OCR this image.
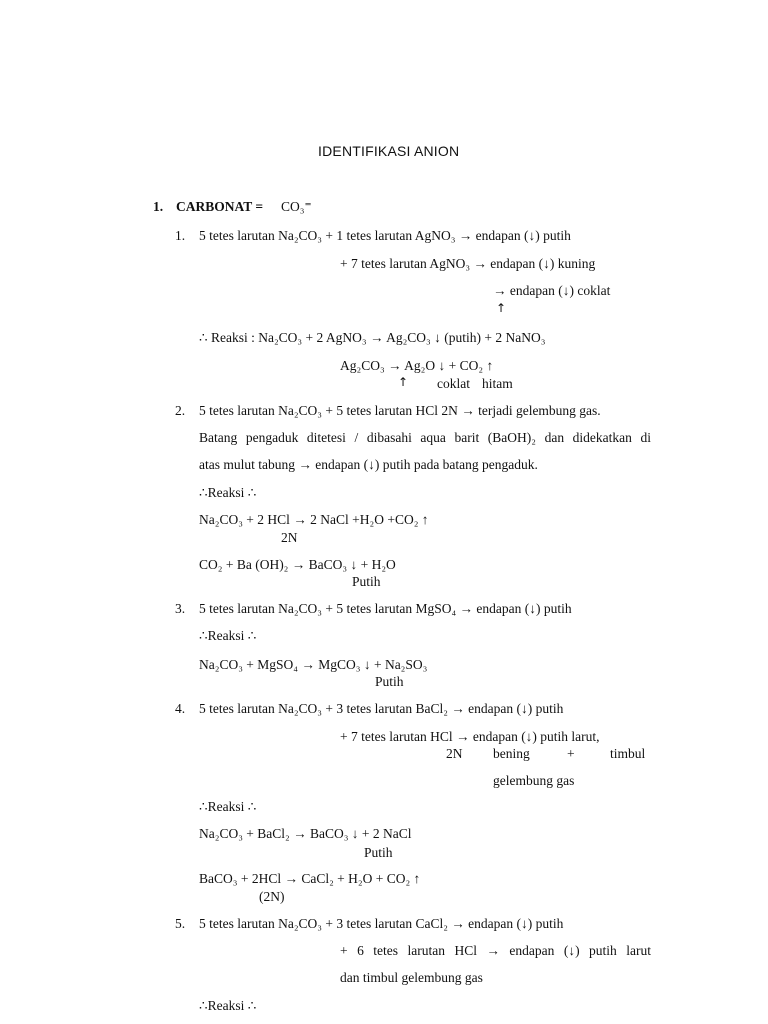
IDENTIFIKASI ANION
1. CARBONAT = CO₃⁼
1. 5 tetes larutan Na₂CO₃ + 1 tetes larutan AgNO₃ → endapan (↓) putih
+ 7 tetes larutan AgNO₃ → endapan (↓) kuning
→ endapan (↓) coklat
↑
∴ Reaksi : Na₂CO₃ + 2 AgNO₃ → Ag₂CO₃ ↓ (putih) + 2 NaNO₃
Ag₂CO₃ → Ag₂O ↓ + CO₂ ↑
↑ coklat hitam
2. 5 tetes larutan Na₂CO₃ + 5 tetes larutan HCl 2N → terjadi gelembung gas.
Batang pengaduk ditetesi / dibasahi aqua barit (BaOH)₂ dan didekatkan di
atas mulut tabung → endapan (↓) putih pada batang pengaduk.
∴Reaksi ∴
Na₂CO₃ + 2 HCl → 2 NaCl +H₂O +CO₂ ↑
2N
CO₂ + Ba (OH)₂ → BaCO₃ ↓ + H₂O
Putih
3. 5 tetes larutan Na₂CO₃ + 5 tetes larutan MgSO₄ → endapan (↓) putih
∴Reaksi ∴
Na₂CO₃ + MgSO₄ → MgCO₃ ↓ + Na₂SO₃
Putih
4. 5 tetes larutan Na₂CO₃ + 3 tetes larutan BaCl₂ → endapan (↓) putih
+ 7 tetes larutan HCl → endapan (↓) putih larut,
2N bening	+	timbul
gelembung gas
∴Reaksi ∴
Na₂CO₃ + BaCl₂ → BaCO₃ ↓ + 2 NaCl
Putih
BaCO₃ + 2HCl → CaCl₂ + H₂O + CO₂ ↑
(2N)
5. 5 tetes larutan Na₂CO₃ + 3 tetes larutan CaCl₂ → endapan (↓) putih
+ 6 tetes larutan HCl → endapan (↓) putih larut
dan timbul gelembung gas
∴Reaksi ∴
